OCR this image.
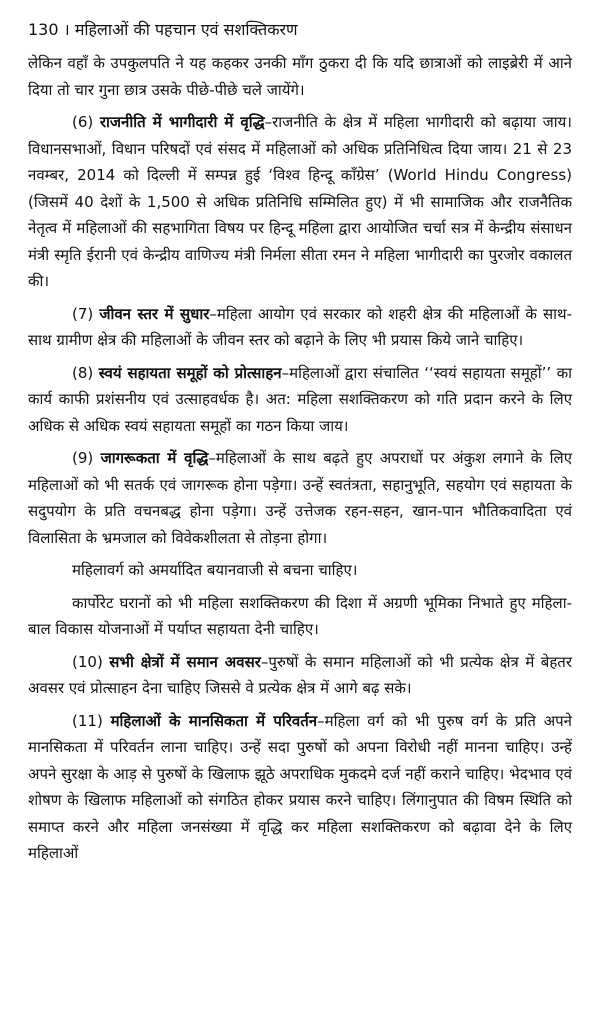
130 । महिलाओं की पहचान एवं सशक्तिकरण

लेकिन वहाँ के उपकुलपति ने यह कहकर उनकी माँग ठुकरा दी कि यदि छात्राओं को लाइब्रेरी में आने दिया तो चार गुना छात्र उसके पीछे-पीछे चले जायेंगे।

(6) राजनीति में भागीदारी में वृद्धि–राजनीति के क्षेत्र में महिला भागीदारी को बढ़ाया जाय। विधानसभाओं, विधान परिषदों एवं संसद में महिलाओं को अधिक प्रतिनिधित्व दिया जाय। 21 से 23 नवम्बर, 2014 को दिल्ली में सम्पन्न हुई ‘विश्व हिन्दू काँग्रेस’ (World Hindu Congress) (जिसमें 40 देशों के 1,500 से अधिक प्रतिनिधि सम्मिलित हुए) में भी सामाजिक और राजनैतिक नेतृत्व में महिलाओं की सहभागिता विषय पर हिन्दू महिला द्वारा आयोजित चर्चा सत्र में केन्द्रीय संसाधन मंत्री स्मृति ईरानी एवं केन्द्रीय वाणिज्य मंत्री निर्मला सीता रमन ने महिला भागीदारी का पुरजोर वकालत की।

(7) जीवन स्तर में सुधार–महिला आयोग एवं सरकार को शहरी क्षेत्र की महिलाओं के साथ-साथ ग्रामीण क्षेत्र की महिलाओं के जीवन स्तर को बढ़ाने के लिए भी प्रयास किये जाने चाहिए।

(8) स्वयं सहायता समूहों को प्रोत्साहन–महिलाओं द्वारा संचालित ‘‘स्वयं सहायता समूहों’’ का कार्य काफी प्रशंसनीय एवं उत्साहवर्धक है। अत: महिला सशक्तिकरण को गति प्रदान करने के लिए अधिक से अधिक स्वयं सहायता समूहों का गठन किया जाय।

(9) जागरूकता में वृद्धि–महिलाओं के साथ बढ़ते हुए अपराधों पर अंकुश लगाने के लिए महिलाओं को भी सतर्क एवं जागरूक होना पड़ेगा। उन्हें स्वतंत्रता, सहानुभूति, सहयोग एवं सहायता के सदुपयोग के प्रति वचनबद्ध होना पड़ेगा। उन्हें उत्तेजक रहन-सहन, खान-पान भौतिकवादिता एवं विलासिता के भ्रमजाल को विवेकशीलता से तोड़ना होगा।

महिलावर्ग को अमर्यादित बयानवाजी से बचना चाहिए।

कार्पोरेट घरानों को भी महिला सशक्तिकरण की दिशा में अग्रणी भूमिका निभाते हुए महिला-बाल विकास योजनाओं में पर्याप्त सहायता देनी चाहिए।

(10) सभी क्षेत्रों में समान अवसर–पुरुषों के समान महिलाओं को भी प्रत्येक क्षेत्र में बेहतर अवसर एवं प्रोत्साहन देना चाहिए जिससे वे प्रत्येक क्षेत्र में आगे बढ़ सके।

(11) महिलाओं के मानसिकता में परिवर्तन–महिला वर्ग को भी पुरुष वर्ग के प्रति अपने मानसिकता में परिवर्तन लाना चाहिए। उन्हें सदा पुरुषों को अपना विरोधी नहीं मानना चाहिए। उन्हें अपने सुरक्षा के आड़ से पुरुषों के खिलाफ झूठे अपराधिक मुकदमे दर्ज नहीं कराने चाहिए। भेदभाव एवं शोषण के खिलाफ महिलाओं को संगठित होकर प्रयास करने चाहिए। लिंगानुपात की विषम स्थिति को समाप्त करने और महिला जनसंख्या में वृद्धि कर महिला सशक्तिकरण को बढ़ावा देने के लिए महिलाओं
